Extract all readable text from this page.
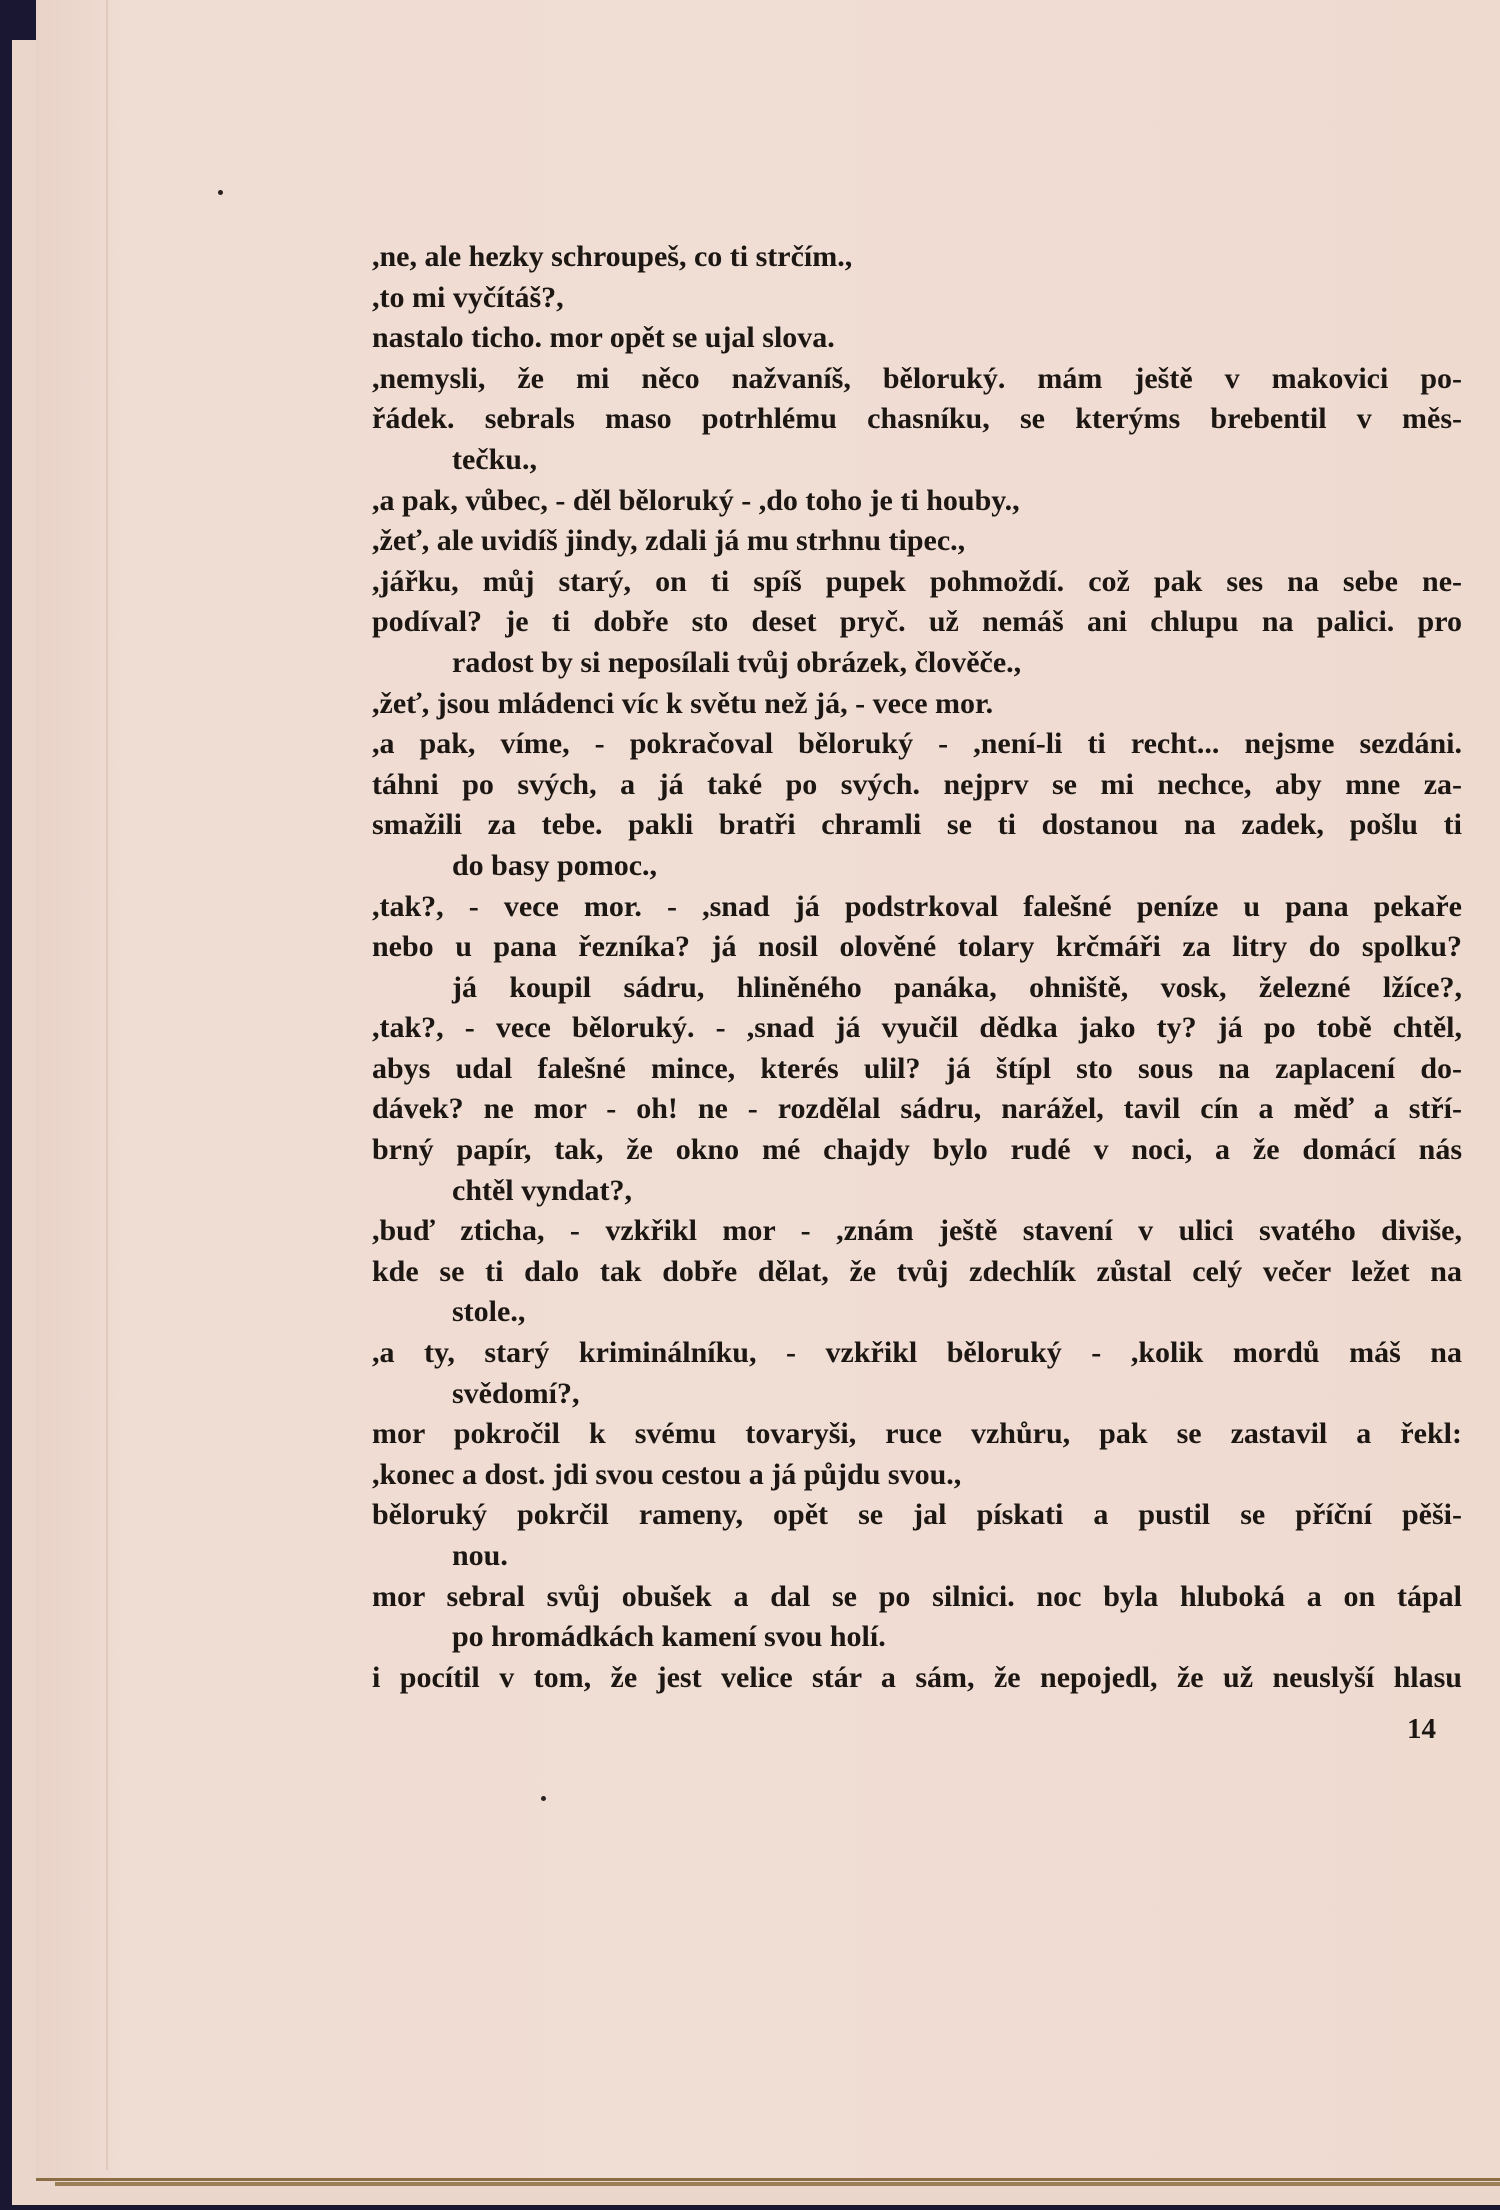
,ne, ale hezky schroupeš, co ti strčím.,
,to mi vyčítáš?,
nastalo ticho. mor opět se ujal slova.
,nemysli, že mi něco nažvaníš, běloruký. mám ještě v makovici po-
řádek. sebrals maso potrhlému chasníku, se kterýms brebentil v měs-
tečku.,
,a pak, vůbec, - děl běloruký - ,do toho je ti houby.,
,žeť, ale uvidíš jindy, zdali já mu strhnu tipec.,
,jářku, můj starý, on ti spíš pupek pohmoždí. což pak ses na sebe ne-
podíval? je ti dobře sto deset pryč. už nemáš ani chlupu na palici. pro
radost by si neposílali tvůj obrázek, člověče.,
,žeť, jsou mládenci víc k světu než já, - vece mor.
,a pak, víme, - pokračoval běloruký - ,není-li ti recht... nejsme sezdáni.
táhni po svých, a já také po svých. nejprv se mi nechce, aby mne za-
smažili za tebe. pakli bratři chramli se ti dostanou na zadek, pošlu ti
do basy pomoc.,
,tak?, - vece mor. - ,snad já podstrkoval falešné peníze u pana pekaře
nebo u pana řezníka? já nosil olověné tolary krčmáři za litry do spolku?
já koupil sádru, hliněného panáka, ohniště, vosk, železné lžíce?,
,tak?, - vece běloruký. - ,snad já vyučil dědka jako ty? já po tobě chtěl,
abys udal falešné mince, kterés ulil? já štípl sto sous na zaplacení do-
dávek? ne mor - oh! ne - rozdělal sádru, narážel, tavil cín a měď a stří-
brný papír, tak, že okno mé chajdy bylo rudé v noci, a že domácí nás
chtěl vyndat?,
,buď zticha, - vzkřikl mor - ,znám ještě stavení v ulici svatého diviše,
kde se ti dalo tak dobře dělat, že tvůj zdechlík zůstal celý večer ležet na
stole.,
,a ty, starý kriminálníku, - vzkřikl běloruký - ,kolik mordů máš na
svědomí?,
mor pokročil k svému tovaryši, ruce vzhůru, pak se zastavil a řekl:
,konec a dost. jdi svou cestou a já půjdu svou.,
běloruký pokrčil rameny, opět se jal pískati a pustil se příční pěši-
nou.
mor sebral svůj obušek a dal se po silnici. noc byla hluboká a on tápal
po hromádkách kamení svou holí.
i pocítil v tom, že jest velice stár a sám, že nepojedl, že už neuslyší hlasu
14
